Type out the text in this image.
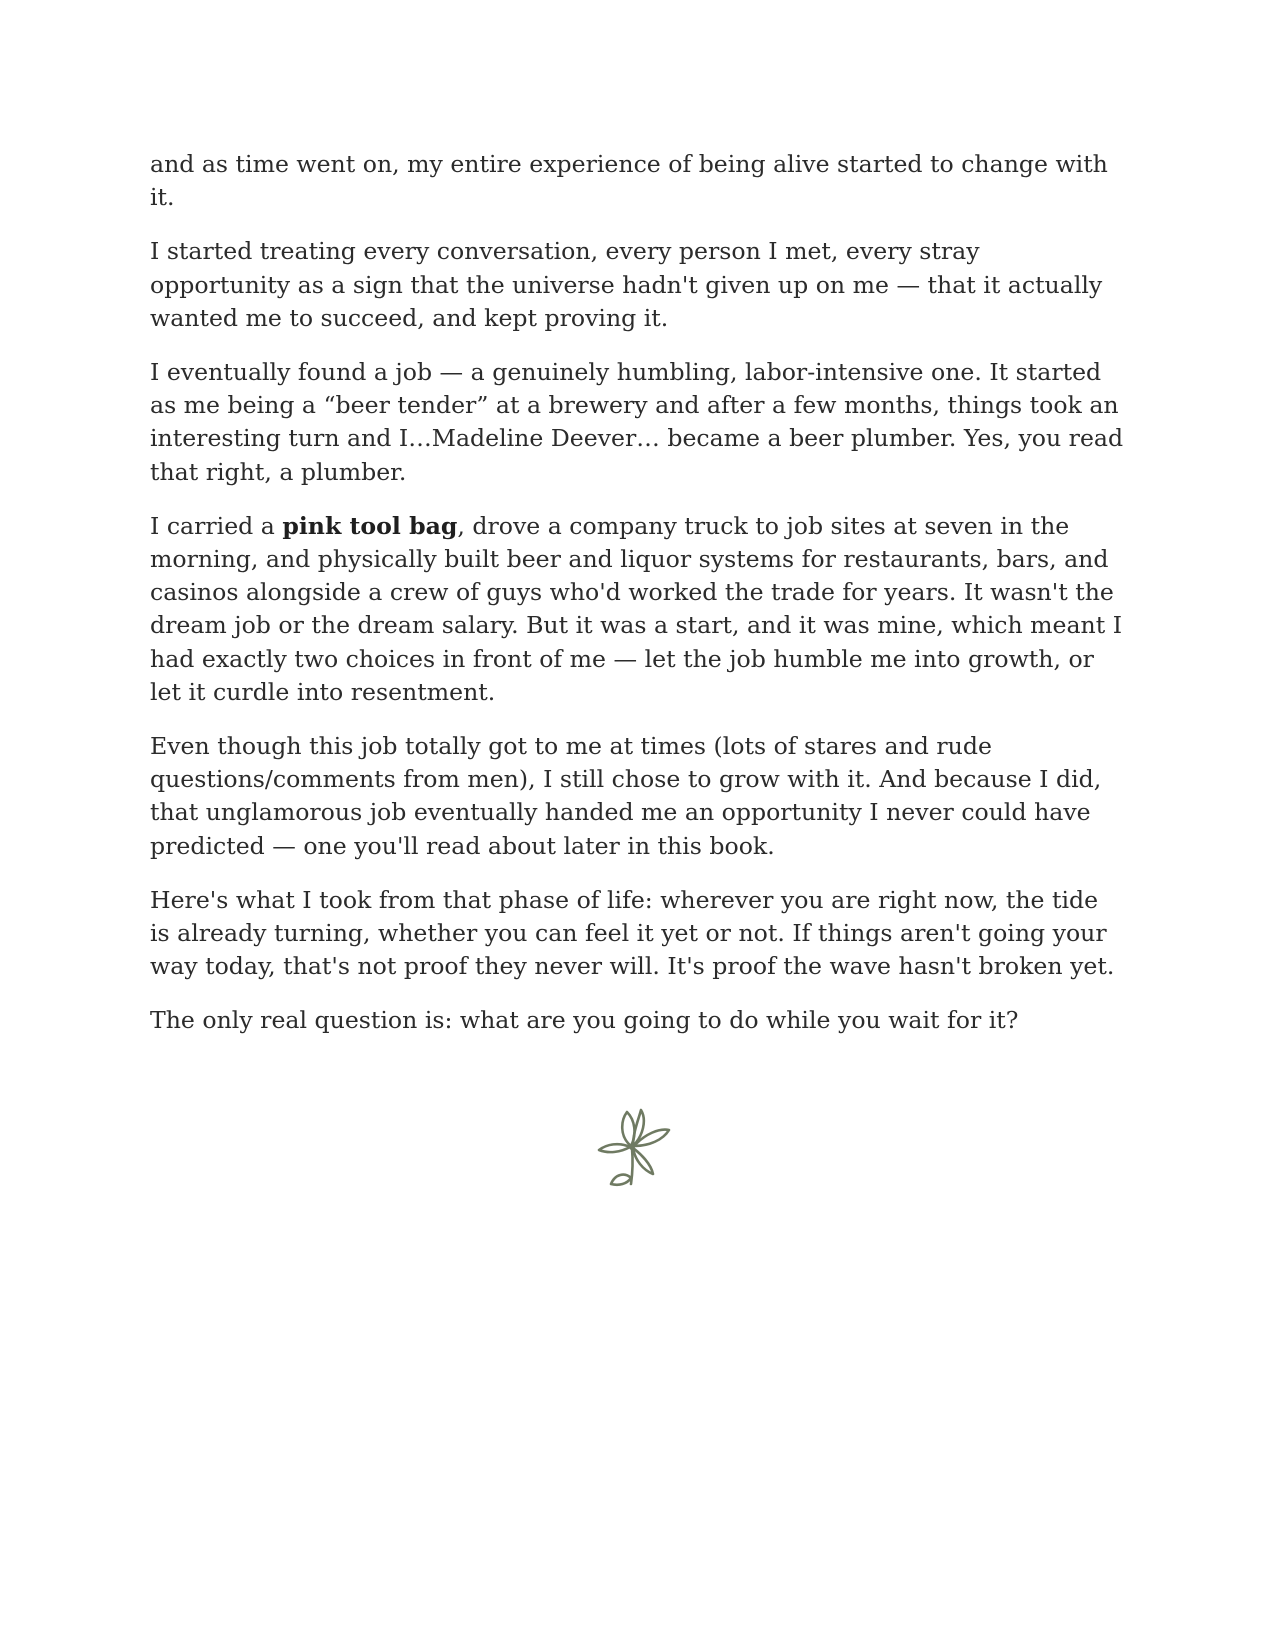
and as time went on, my entire experience of being alive started to change with it.

I started treating every conversation, every person I met, every stray opportunity as a sign that the universe hadn't given up on me — that it actually wanted me to succeed, and kept proving it.

I eventually found a job — a genuinely humbling, labor-intensive one. It started as me being a “beer tender” at a brewery and after a few months, things took an interesting turn and I…Madeline Deever… became a beer plumber. Yes, you read that right, a plumber.

I carried a pink tool bag, drove a company truck to job sites at seven in the morning, and physically built beer and liquor systems for restaurants, bars, and casinos alongside a crew of guys who'd worked the trade for years. It wasn't the dream job or the dream salary. But it was a start, and it was mine, which meant I had exactly two choices in front of me — let the job humble me into growth, or let it curdle into resentment.

Even though this job totally got to me at times (lots of stares and rude questions/comments from men), I still chose to grow with it. And because I did, that unglamorous job eventually handed me an opportunity I never could have predicted — one you'll read about later in this book.

Here's what I took from that phase of life: wherever you are right now, the tide is already turning, whether you can feel it yet or not. If things aren't going your way today, that's not proof they never will. It's proof the wave hasn't broken yet.

The only real question is: what are you going to do while you wait for it?
